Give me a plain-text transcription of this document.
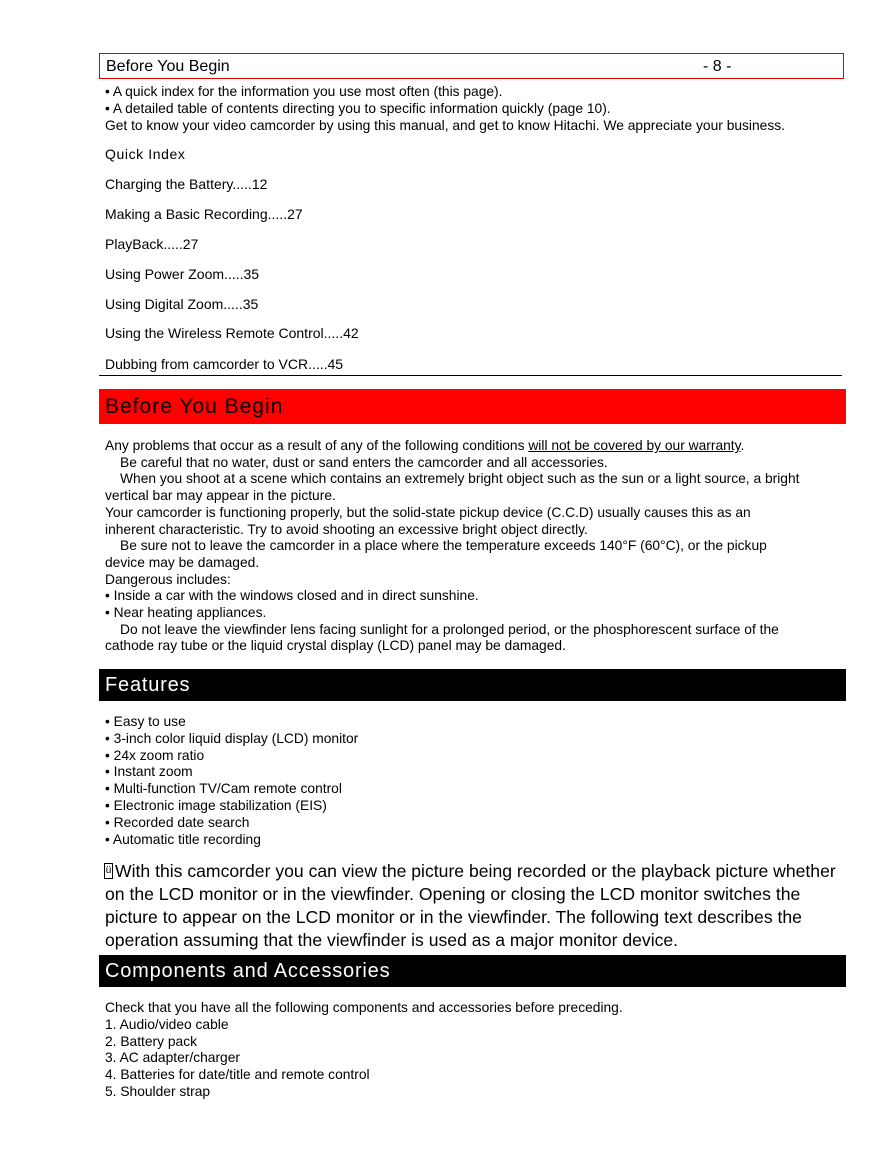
Before You Begin	- 8 -
• A quick index for the information you use most often (this page).
• A detailed table of contents directing you to specific information quickly (page 10).
Get to know your video camcorder by using this manual, and get to know Hitachi. We appreciate your business.
Quick Index
Charging the Battery.....12
Making a Basic Recording.....27
PlayBack.....27
Using Power Zoom.....35
Using Digital Zoom.....35
Using the Wireless Remote Control.....42
Dubbing from camcorder to VCR.....45
Before You Begin
Any problems that occur as a result of any of the following conditions will not be covered by our warranty.
Be careful that no water, dust or sand enters the camcorder and all accessories.
When you shoot at a scene which contains an extremely bright object such as the sun or a light source, a bright
vertical bar may appear in the picture.
Your camcorder is functioning properly, but the solid-state pickup device (C.C.D) usually causes this as an
inherent characteristic. Try to avoid shooting an excessive bright object directly.
Be sure not to leave the camcorder in a place where the temperature exceeds 140°F (60°C), or the pickup
device may be damaged.
Dangerous includes:
• Inside a car with the windows closed and in direct sunshine.
• Near heating appliances.
Do not leave the viewfinder lens facing sunlight for a prolonged period, or the phosphorescent surface of the
cathode ray tube or the liquid crystal display (LCD) panel may be damaged.
Features
• Easy to use
• 3-inch color liquid display (LCD) monitor
• 24x zoom ratio
• Instant zoom
• Multi-function TV/Cam remote control
• Electronic image stabilization (EIS)
• Recorded date search
• Automatic title recording
ü With this camcorder you can view the picture being recorded or the playback picture whether
on the LCD monitor or in the viewfinder. Opening or closing the LCD monitor switches the
picture to appear on the LCD monitor or in the viewfinder. The following text describes the
operation assuming that the viewfinder is used as a major monitor device.
Components and Accessories
Check that you have all the following components and accessories before preceding.
1. Audio/video cable
2. Battery pack
3. AC adapter/charger
4. Batteries for date/title and remote control
5. Shoulder strap
